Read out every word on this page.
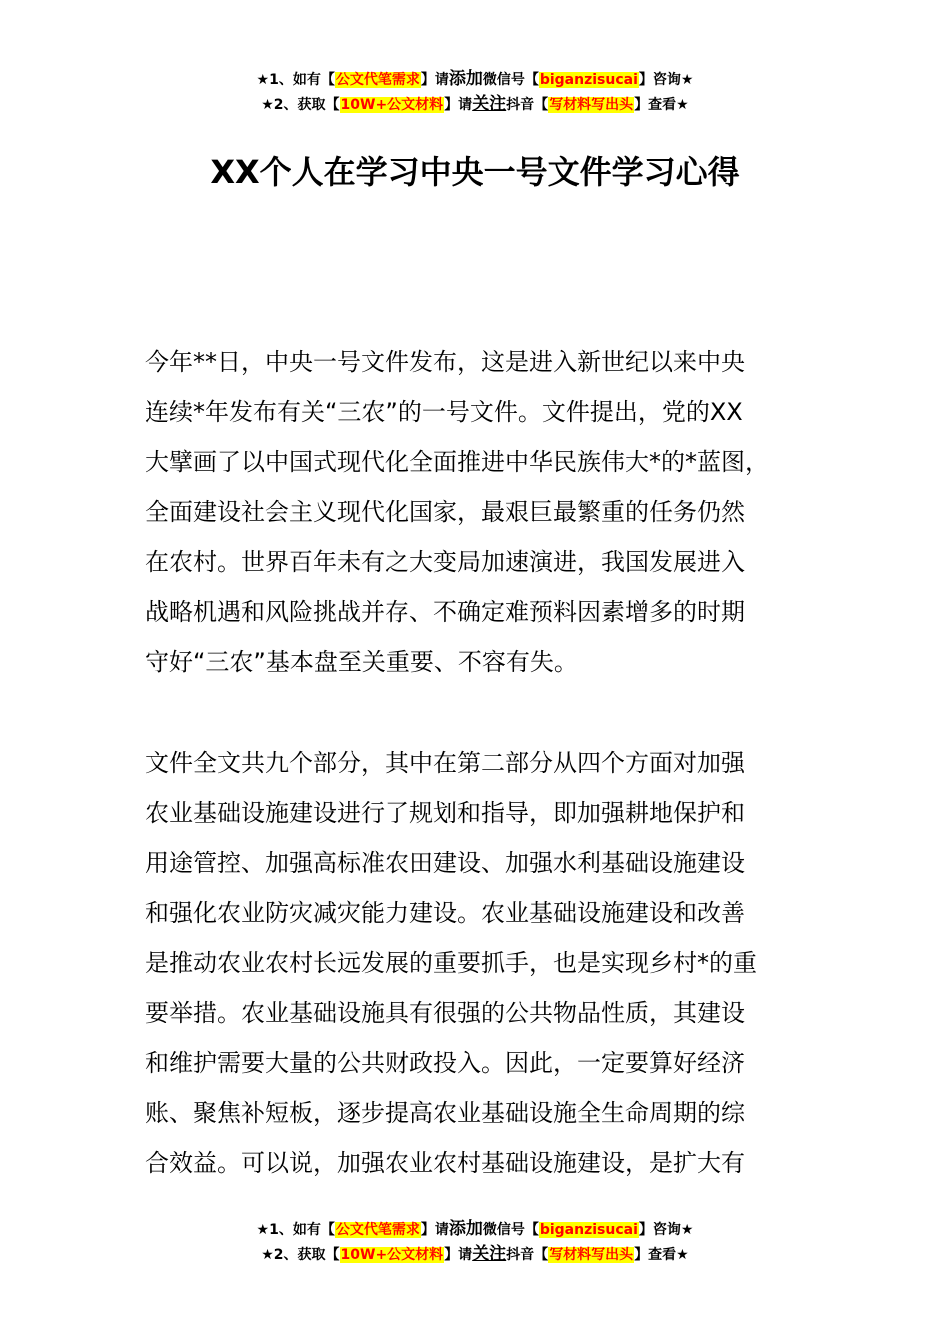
★1、如有【公文代笔需求】请添加微信号【biganzisucai】咨询★
★2、获取【10W+公文材料】请关注抖音【写材料写出头】查看★
XX个人在学习中央一号文件学习心得

今年**日，中央一号文件发布，这是进入新世纪以来中央
连续*年发布有关“三农”的一号文件。文件提出，党的XX
大擘画了以中国式现代化全面推进中华民族伟大*的*蓝图，
全面建设社会主义现代化国家，最艰巨最繁重的任务仍然
在农村。世界百年未有之大变局加速演进，我国发展进入
战略机遇和风险挑战并存、不确定难预料因素增多的时期
守好“三农”基本盘至关重要、不容有失。

文件全文共九个部分，其中在第二部分从四个方面对加强
农业基础设施建设进行了规划和指导，即加强耕地保护和
用途管控、加强高标准农田建设、加强水利基础设施建设
和强化农业防灾减灾能力建设。农业基础设施建设和改善
是推动农业农村长远发展的重要抓手，也是实现乡村*的重
要举措。农业基础设施具有很强的公共物品性质，其建设
和维护需要大量的公共财政投入。因此，一定要算好经济
账、聚焦补短板，逐步提高农业基础设施全生命周期的综
合效益。可以说，加强农业农村基础设施建设，是扩大有

★1、如有【公文代笔需求】请添加微信号【biganzisucai】咨询★
★2、获取【10W+公文材料】请关注抖音【写材料写出头】查看★
